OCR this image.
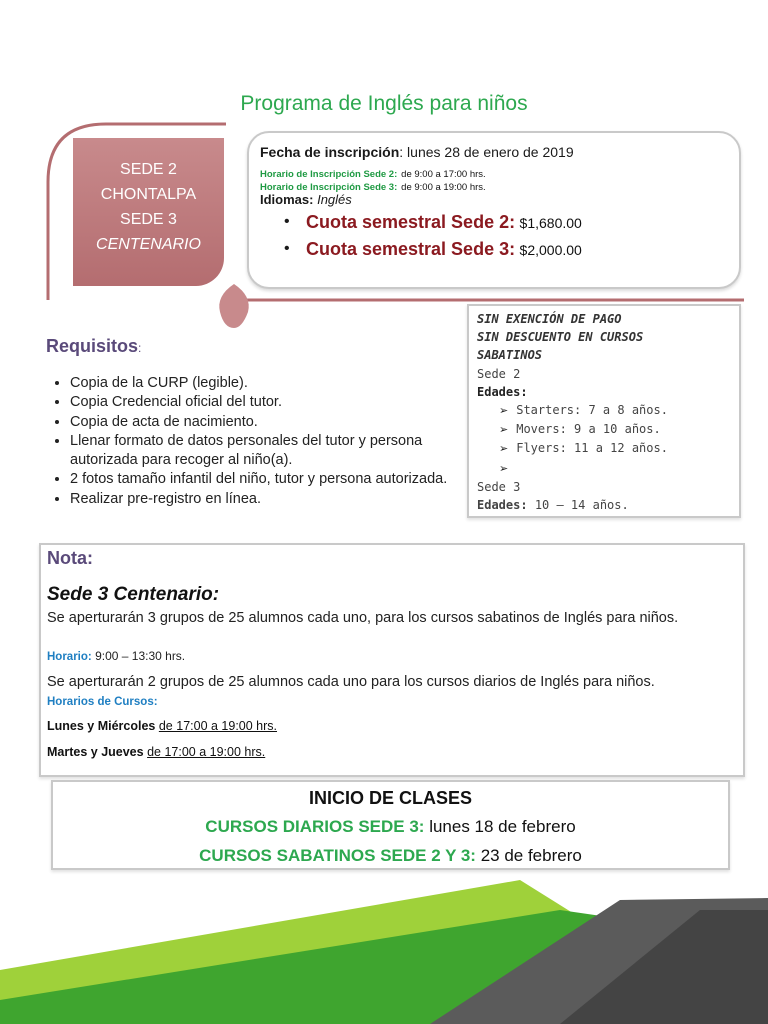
Programa de Inglés para niños
SEDE 2
CHONTALPA
SEDE 3
CENTENARIO
Fecha de inscripción: lunes 28 de enero de 2019
Horario de Inscripción Sede 2: de 9:00 a 17:00 hrs.
Horario de Inscripción Sede 3: de 9:00 a 19:00 hrs.
Idiomas: Inglés
• Cuota semestral Sede 2: $1,680.00
• Cuota semestral Sede 3: $2,000.00
Requisitos:
• Copia de la CURP (legible).
• Copia Credencial oficial del tutor.
• Copia de acta de nacimiento.
• Llenar formato de datos personales del tutor y persona autorizada para recoger al niño(a).
• 2 fotos tamaño infantil del niño, tutor y persona autorizada.
• Realizar pre-registro en línea.
SIN EXENCIÓN DE PAGO
SIN DESCUENTO EN CURSOS
SABATINOS
Sede 2
Edades:
➢ Starters: 7 a 8 años.
➢ Movers: 9 a 10 años.
➢ Flyers: 11 a 12 años.
➢
Sede 3
Edades: 10 – 14 años.
Nota:
Sede 3 Centenario:
Se aperturarán 3 grupos de 25 alumnos cada uno, para los cursos sabatinos de Inglés para niños.
Horario: 9:00 – 13:30 hrs.
Se aperturarán 2 grupos de 25 alumnos cada uno para los cursos diarios de Inglés para niños.
Horarios de Cursos:
Lunes y Miércoles de 17:00 a 19:00 hrs.
Martes y Jueves de 17:00 a 19:00 hrs.
INICIO DE CLASES
CURSOS DIARIOS SEDE 3: lunes 18 de febrero
CURSOS SABATINOS SEDE 2 Y 3: 23 de febrero
